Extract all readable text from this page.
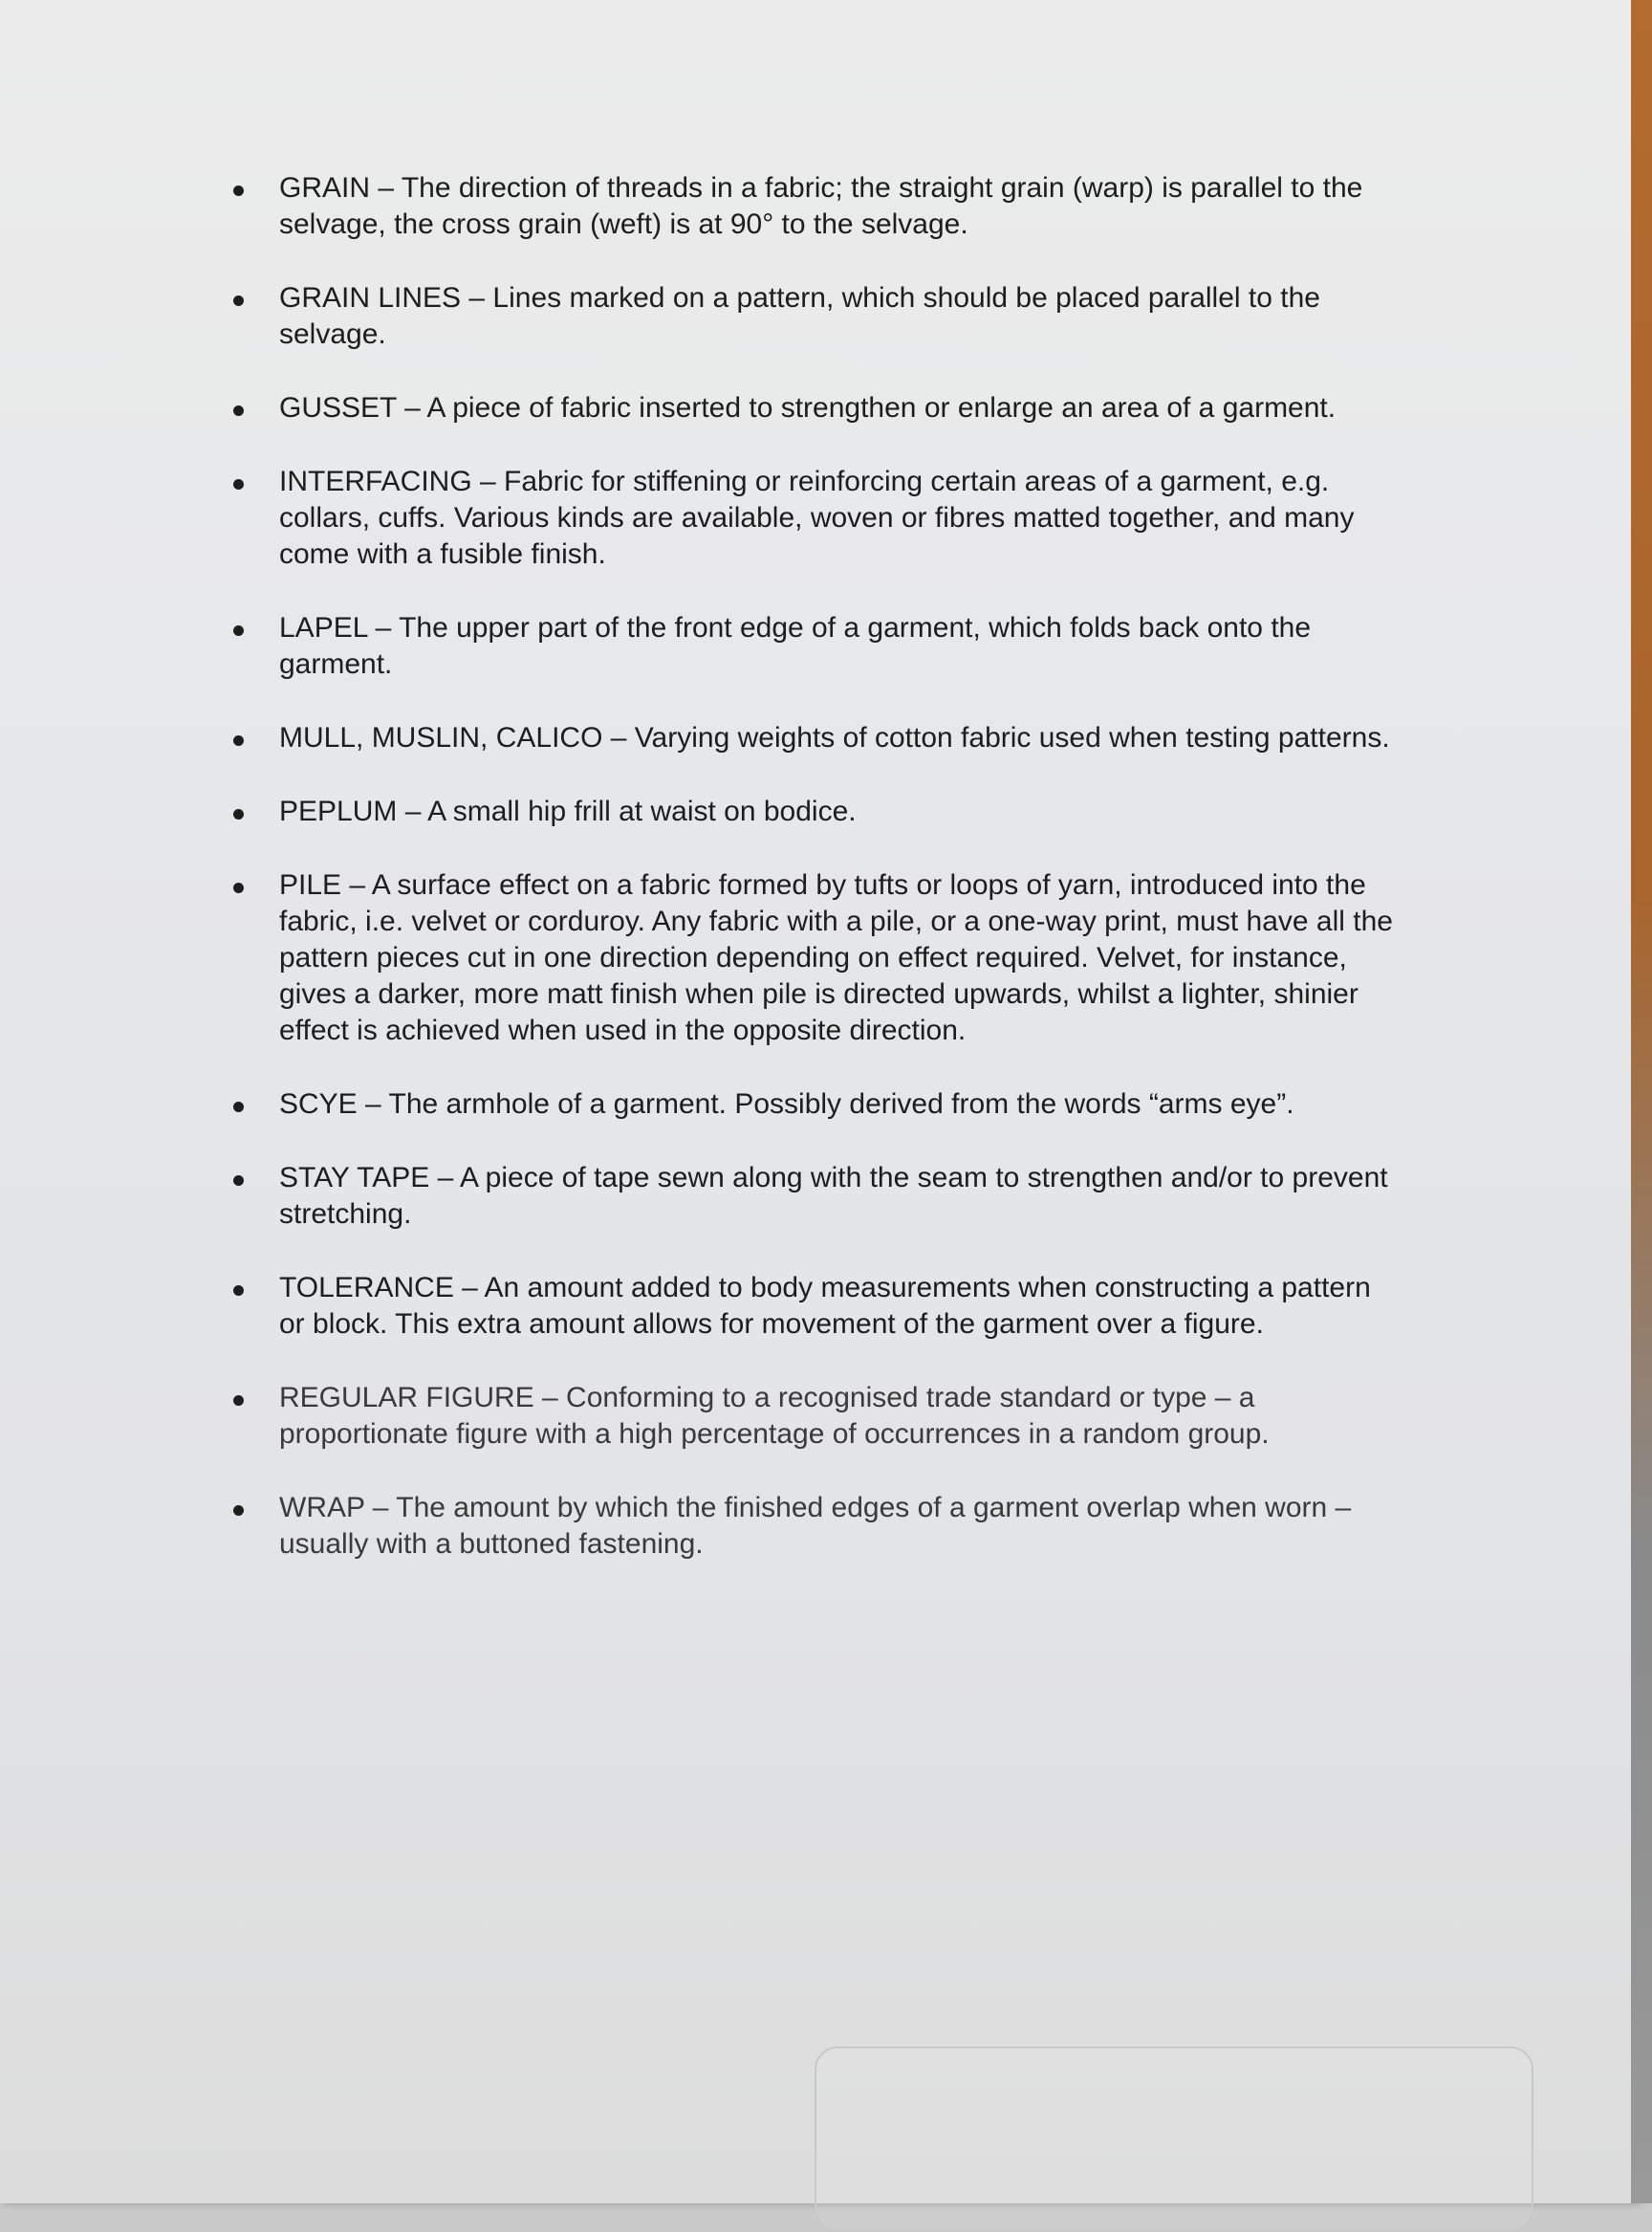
GRAIN – The direction of threads in a fabric; the straight grain (warp) is parallel to the selvage, the cross grain (weft) is at 90° to the selvage.
GRAIN LINES – Lines marked on a pattern, which should be placed parallel to the selvage.
GUSSET – A piece of fabric inserted to strengthen or enlarge an area of a garment.
INTERFACING – Fabric for stiffening or reinforcing certain areas of a garment, e.g. collars, cuffs. Various kinds are available, woven or fibres matted together, and many come with a fusible finish.
LAPEL – The upper part of the front edge of a garment, which folds back onto the garment.
MULL, MUSLIN, CALICO – Varying weights of cotton fabric used when testing patterns.
PEPLUM – A small hip frill at waist on bodice.
PILE – A surface effect on a fabric formed by tufts or loops of yarn, introduced into the fabric, i.e. velvet or corduroy. Any fabric with a pile, or a one-way print, must have all the pattern pieces cut in one direction depending on effect required. Velvet, for instance, gives a darker, more matt finish when pile is directed upwards, whilst a lighter, shinier effect is achieved when used in the opposite direction.
SCYE – The armhole of a garment. Possibly derived from the words “arms eye”.
STAY TAPE – A piece of tape sewn along with the seam to strengthen and/or to prevent stretching.
TOLERANCE – An amount added to body measurements when constructing a pattern or block. This extra amount allows for movement of the garment over a figure.
REGULAR FIGURE – Conforming to a recognised trade standard or type – a proportionate figure with a high percentage of occurrences in a random group.
WRAP – The amount by which the finished edges of a garment overlap when worn – usually with a buttoned fastening.
